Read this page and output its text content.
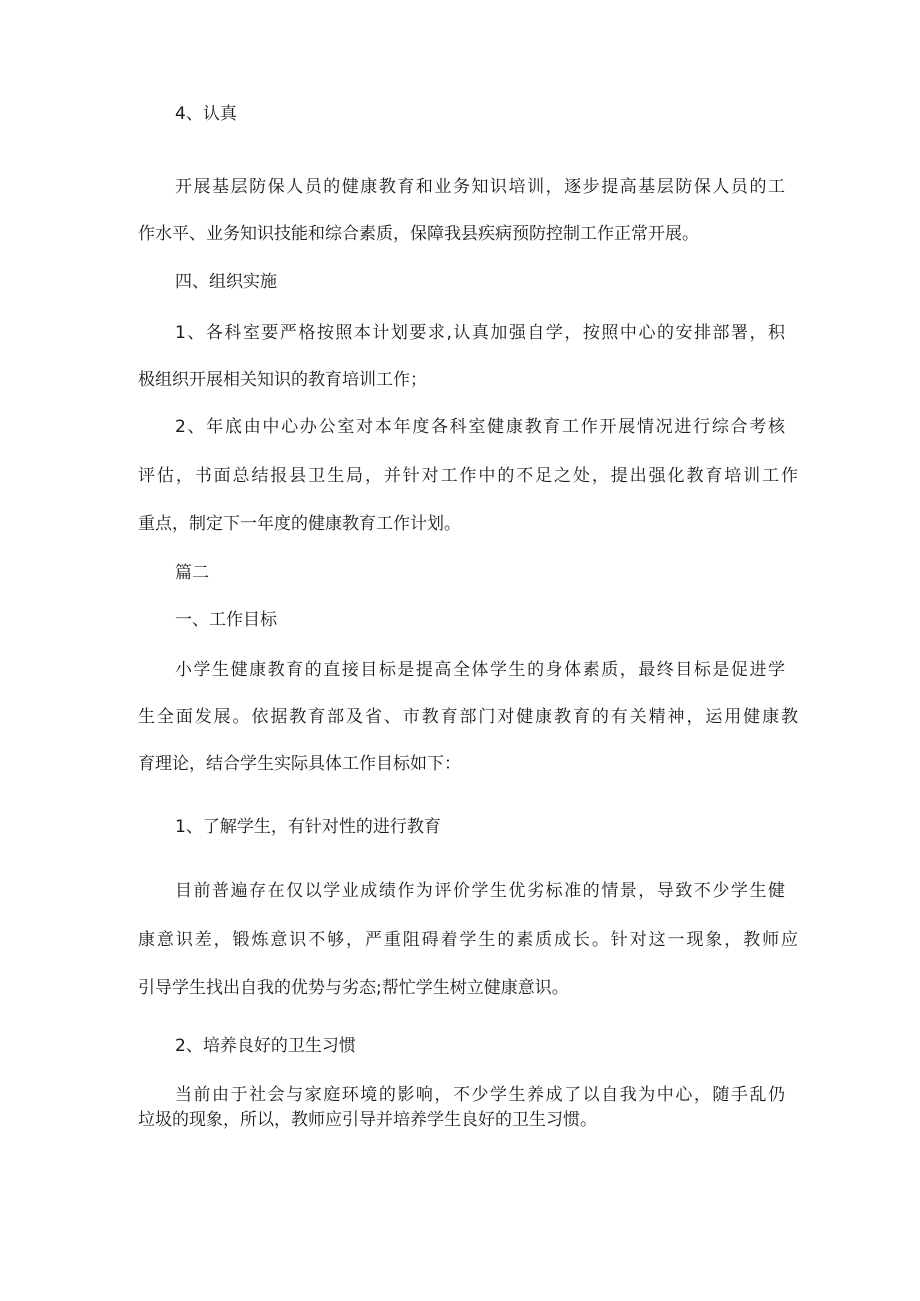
4、认真
开展基层防保人员的健康教育和业务知识培训，逐步提高基层防保人员的工
作水平、业务知识技能和综合素质，保障我县疾病预防控制工作正常开展。
四、组织实施
1、各科室要严格按照本计划要求,认真加强自学，按照中心的安排部署，积
极组织开展相关知识的教育培训工作；
2、年底由中心办公室对本年度各科室健康教育工作开展情况进行综合考核
评估，书面总结报县卫生局，并针对工作中的不足之处，提出强化教育培训工作
重点，制定下一年度的健康教育工作计划。
篇二
一、工作目标
小学生健康教育的直接目标是提高全体学生的身体素质，最终目标是促进学
生全面发展。依据教育部及省、市教育部门对健康教育的有关精神，运用健康教
育理论，结合学生实际具体工作目标如下：
1、了解学生，有针对性的进行教育
目前普遍存在仅以学业成绩作为评价学生优劣标准的情景，导致不少学生健
康意识差，锻炼意识不够，严重阻碍着学生的素质成长。针对这一现象，教师应
引导学生找出自我的优势与劣态;帮忙学生树立健康意识。
2、培养良好的卫生习惯
当前由于社会与家庭环境的影响，不少学生养成了以自我为中心，随手乱仍
垃圾的现象，所以，教师应引导并培养学生良好的卫生习惯。
